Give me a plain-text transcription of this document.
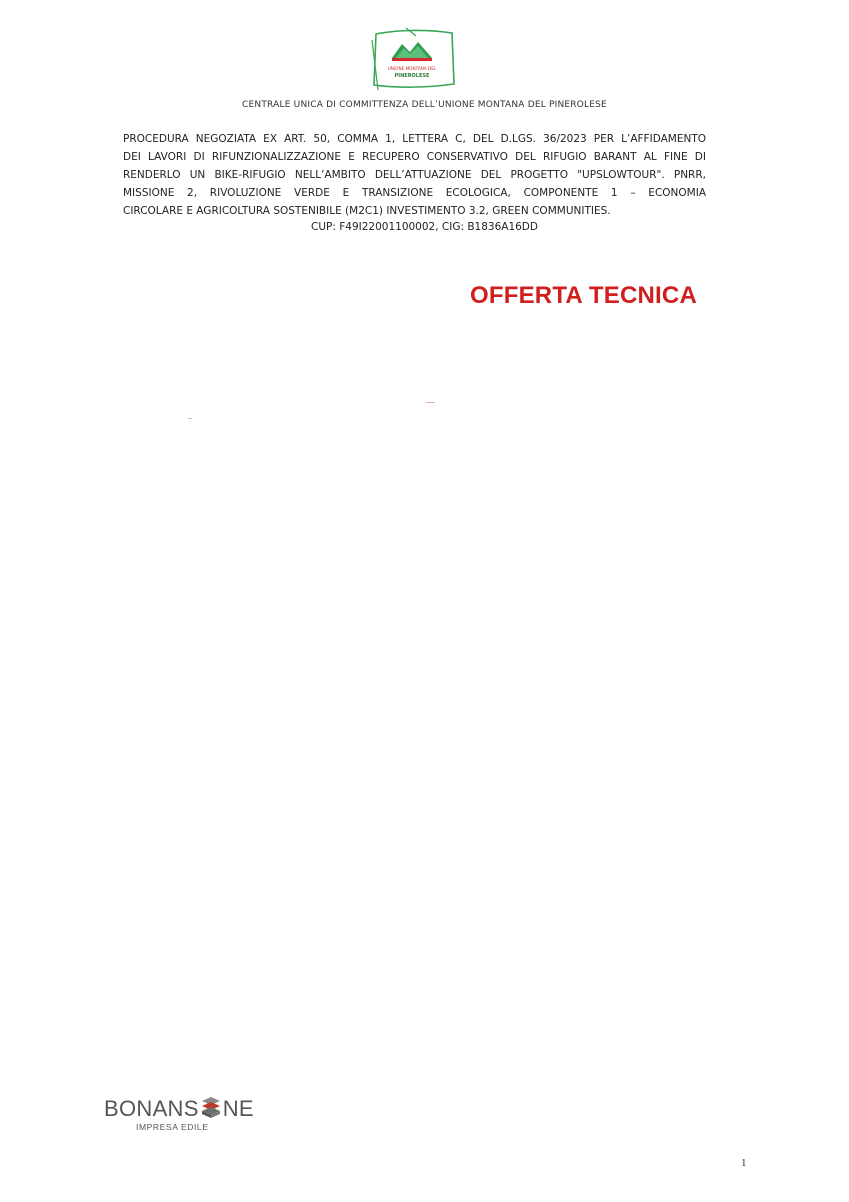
UNIONE MONTANA DEL
PINEROLESE
CENTRALE UNICA DI COMMITTENZA DELL’UNIONE MONTANA DEL PINEROLESE
PROCEDURA NEGOZIATA EX ART. 50, COMMA 1, LETTERA C, DEL D.LGS. 36/2023 PER L’AFFIDAMENTO
DEI LAVORI DI RIFUNZIONALIZZAZIONE E RECUPERO CONSERVATIVO DEL RIFUGIO BARANT AL FINE DI
RENDERLO UN BIKE-RIFUGIO NELL’AMBITO DELL’ATTUAZIONE DEL PROGETTO "UPSLOWTOUR". PNRR,
MISSIONE 2, RIVOLUZIONE VERDE E TRANSIZIONE ECOLOGICA, COMPONENTE 1 – ECONOMIA
CIRCOLARE E AGRICOLTURA SOSTENIBILE (M2C1) INVESTIMENTO 3.2, GREEN COMMUNITIES.
CUP: F49I22001100002, CIG: B1836A16DD
OFFERTA TECNICA
BONANS NE
IMPRESA EDILE
1
